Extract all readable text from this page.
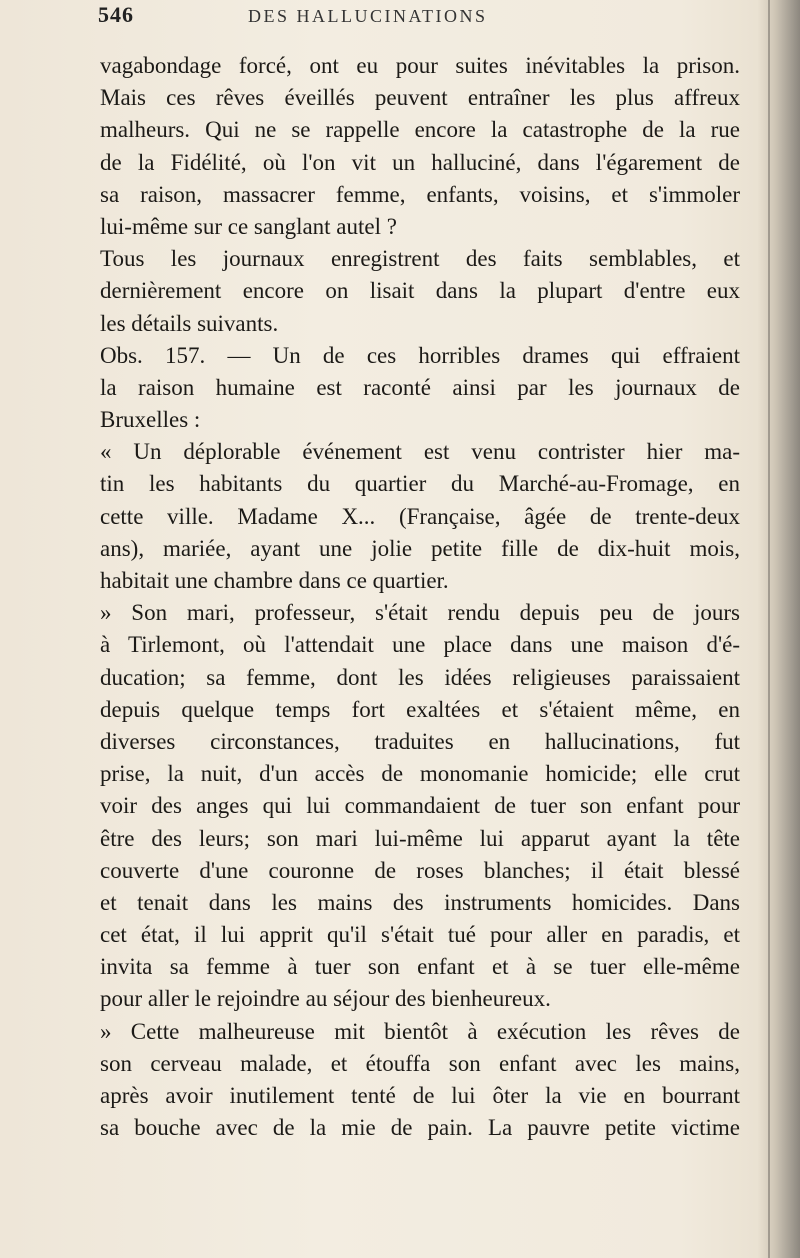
546	DES HALLUCINATIONS
vagabondage forcé, ont eu pour suites inévitables la prison.
Mais ces rêves éveillés peuvent entraîner les plus affreux
malheurs. Qui ne se rappelle encore la catastrophe de la rue
de la Fidélité, où l'on vit un halluciné, dans l'égarement de
sa raison, massacrer femme, enfants, voisins, et s'immoler
lui-même sur ce sanglant autel ?
Tous les journaux enregistrent des faits semblables, et
dernièrement encore on lisait dans la plupart d'entre eux
les détails suivants.
Obs. 157. — Un de ces horribles drames qui effraient
la raison humaine est raconté ainsi par les journaux de
Bruxelles :
« Un déplorable événement est venu contrister hier ma-
tin les habitants du quartier du Marché-au-Fromage, en
cette ville. Madame X... (Française, âgée de trente-deux
ans), mariée, ayant une jolie petite fille de dix-huit mois,
habitait une chambre dans ce quartier.
» Son mari, professeur, s'était rendu depuis peu de jours
à Tirlemont, où l'attendait une place dans une maison d'é-
ducation; sa femme, dont les idées religieuses paraissaient
depuis quelque temps fort exaltées et s'étaient même, en
diverses circonstances, traduites en hallucinations, fut
prise, la nuit, d'un accès de monomanie homicide; elle crut
voir des anges qui lui commandaient de tuer son enfant pour
être des leurs; son mari lui-même lui apparut ayant la tête
couverte d'une couronne de roses blanches; il était blessé
et tenait dans les mains des instruments homicides. Dans
cet état, il lui apprit qu'il s'était tué pour aller en paradis, et
invita sa femme à tuer son enfant et à se tuer elle-même
pour aller le rejoindre au séjour des bienheureux.
» Cette malheureuse mit bientôt à exécution les rêves de
son cerveau malade, et étouffa son enfant avec les mains,
après avoir inutilement tenté de lui ôter la vie en bourrant
sa bouche avec de la mie de pain. La pauvre petite victime
